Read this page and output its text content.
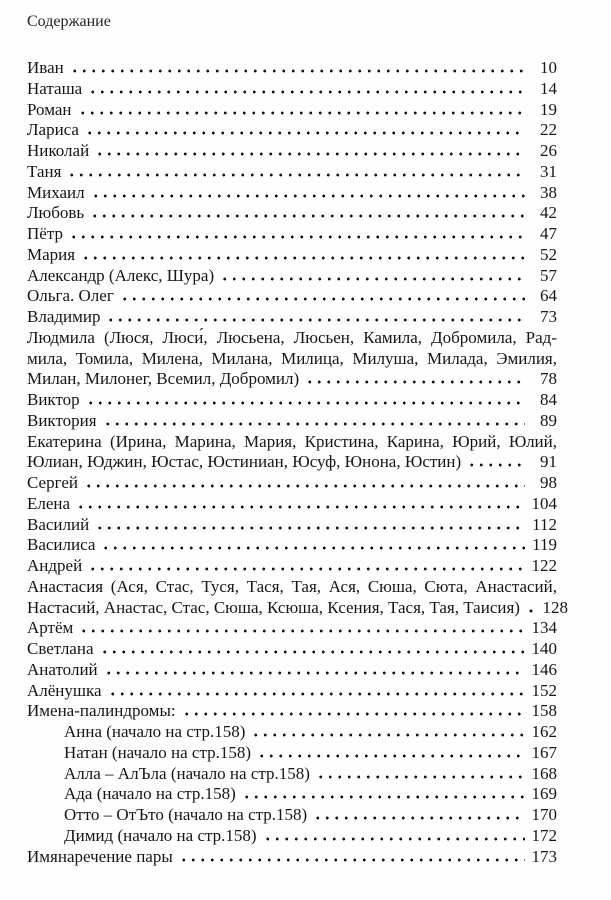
Содержание
Иван	10
Наташа	14
Роман	19
Лариса	22
Николай	26
Таня	31
Михаил	38
Любовь	42
Пётр	47
Мария	52
Александр (Алекс, Шура)	57
Ольга. Олег	64
Владимир	73
Людмила (Люся, Люси́, Люсьена, Люсьен, Камила, Добромила, Рад-
мила, Томила, Милена, Милана, Милица, Милуша, Милада, Эмилия,
Милан, Милонег, Всемил, Добромил)	78
Виктор	84
Виктория	89
Екатерина (Ирина, Марина, Мария, Кристина, Карина, Юрий, Юлий,
Юлиан, Юджин, Юстас, Юстиниан, Юсуф, Юнона, Юстин)	91
Сергей	98
Елена	104
Василий	112
Василиса	119
Андрей	122
Анастасия (Ася, Стас, Туся, Тася, Тая, Ася, Сюша, Сюта, Анастасий,
Настасий, Анастас, Стас, Сюша, Ксюша, Ксения, Тася, Тая, Таисия) 128
Артём	134
Светлана	140
Анатолий	146
Алёнушка	152
Имена-палиндромы:	158
Анна (начало на стр.158)	162
Натан (начало на стр.158)	167
Алла – АлЪла (начало на стр.158)	168
Ада (начало на стр.158)	169
Отто – ОтЪто (начало на стр.158)	170
Димид (начало на стр.158)	172
Имянаречение пары	173
